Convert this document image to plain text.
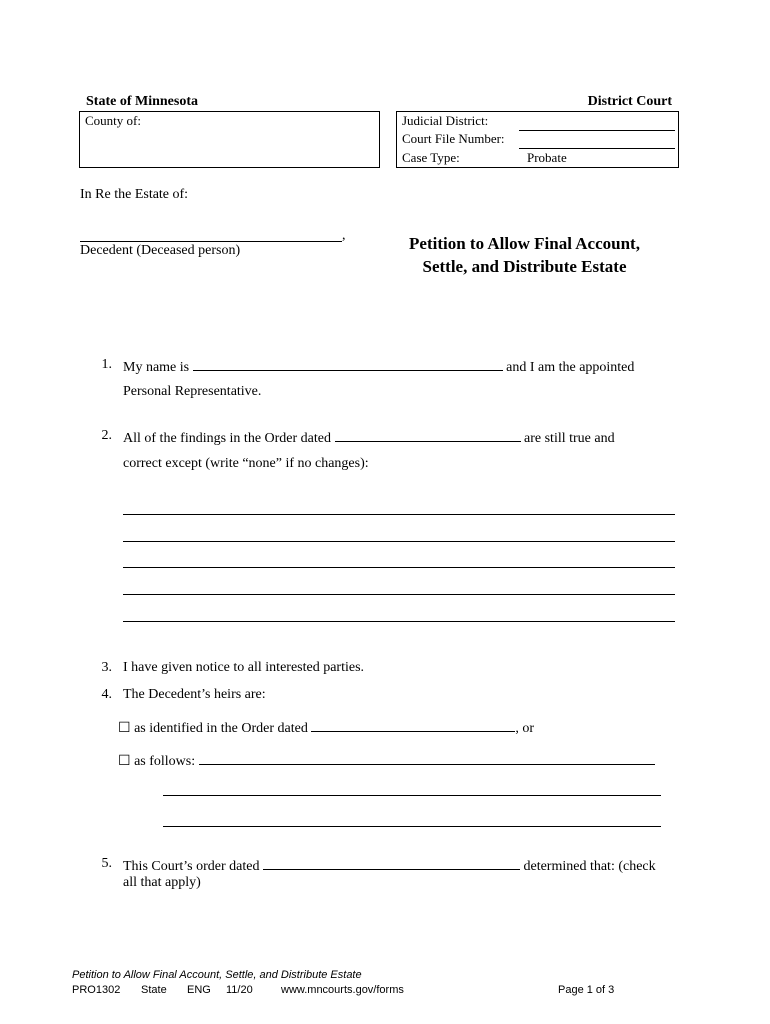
State of Minnesota	District Court
County of:	Judicial District:
Court File Number:
Case Type:	Probate
In Re the Estate of:
,
Decedent (Deceased person)	Petition to Allow Final Account,
Settle, and Distribute Estate
1. My name is	and I am the appointed
Personal Representative.
2. All of the findings in the Order dated	are still true and
correct except (write “none” if no changes):
3. I have given notice to all interested parties.
4. The Decedent’s heirs are:
☐ as identified in the Order dated	, or
☐ as follows:
5. This Court’s order dated	determined that: (check
all that apply)
Petition to Allow Final Account, Settle, and Distribute Estate
PRO1302 State ENG 11/20	www.mncourts.gov/forms	Page 1 of 3
